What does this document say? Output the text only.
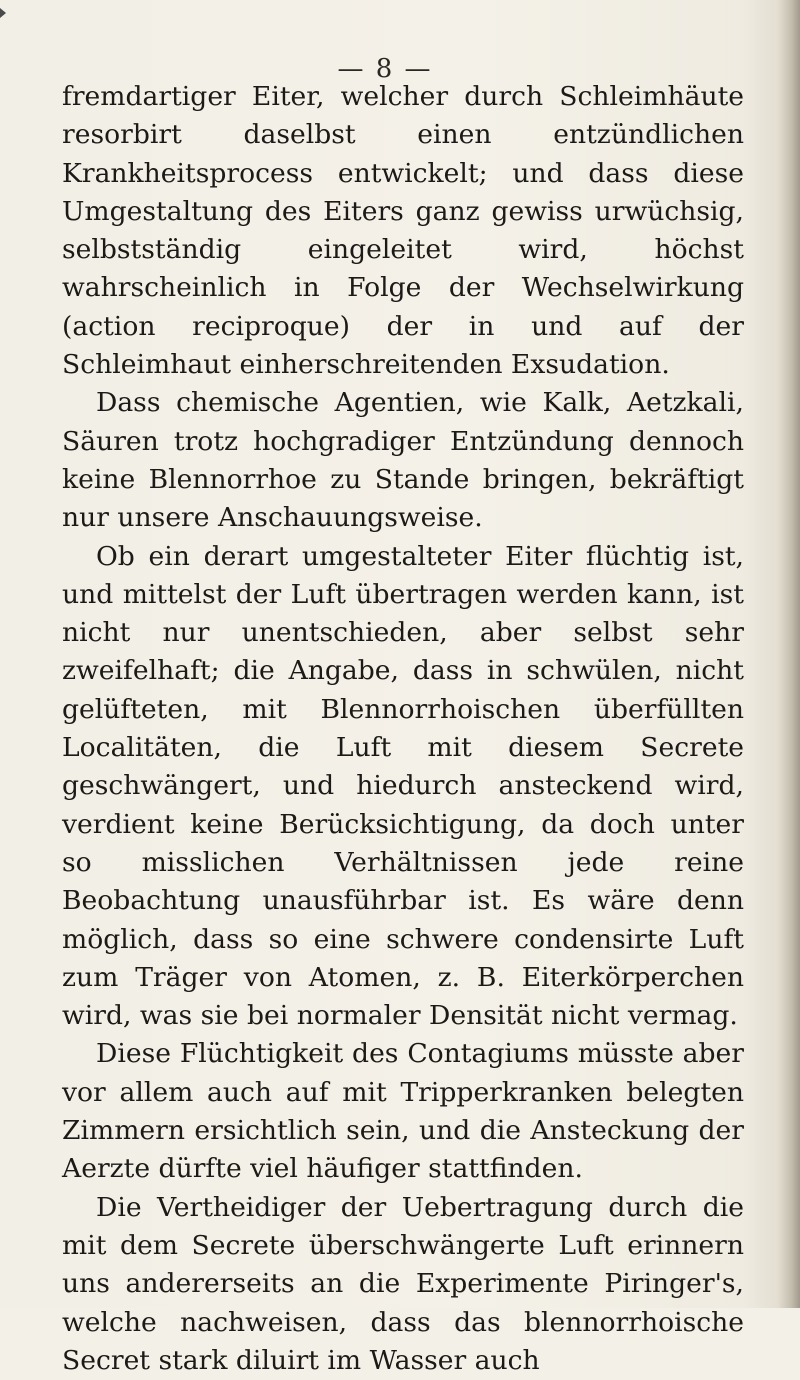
— 8 —

fremdartiger Eiter, welcher durch Schleimhäute resorbirt daselbst einen entzündlichen Krankheitsprocess entwickelt; und dass diese Umgestaltung des Eiters ganz gewiss urwüchsig, selbstständig eingeleitet wird, höchst wahrscheinlich in Folge der Wechselwirkung (action reciproque) der in und auf der Schleimhaut einherschreitenden Exsudation.

Dass chemische Agentien, wie Kalk, Aetzkali, Säuren trotz hochgradiger Entzündung dennoch keine Blennorrhoe zu Stande bringen, bekräftigt nur unsere Anschauungsweise.

Ob ein derart umgestalteter Eiter flüchtig ist, und mittelst der Luft übertragen werden kann, ist nicht nur unentschieden, aber selbst sehr zweifelhaft; die Angabe, dass in schwülen, nicht gelüfteten, mit Blennorrhoischen überfüllten Localitäten, die Luft mit diesem Secrete geschwängert, und hiedurch ansteckend wird, verdient keine Berücksichtigung, da doch unter so misslichen Verhältnissen jede reine Beobachtung unausführbar ist. Es wäre denn möglich, dass so eine schwere condensirte Luft zum Träger von Atomen, z. B. Eiterkörperchen wird, was sie bei normaler Densität nicht vermag.

Diese Flüchtigkeit des Contagiums müsste aber vor allem auch auf mit Tripperkranken belegten Zimmern ersichtlich sein, und die Ansteckung der Aerzte dürfte viel häufiger stattfinden.

Die Vertheidiger der Uebertragung durch die mit dem Secrete überschwängerte Luft erinnern uns andererseits an die Experimente Piringer's, welche nachweisen, dass das blennorrhoische Secret stark diluirt im Wasser auch
